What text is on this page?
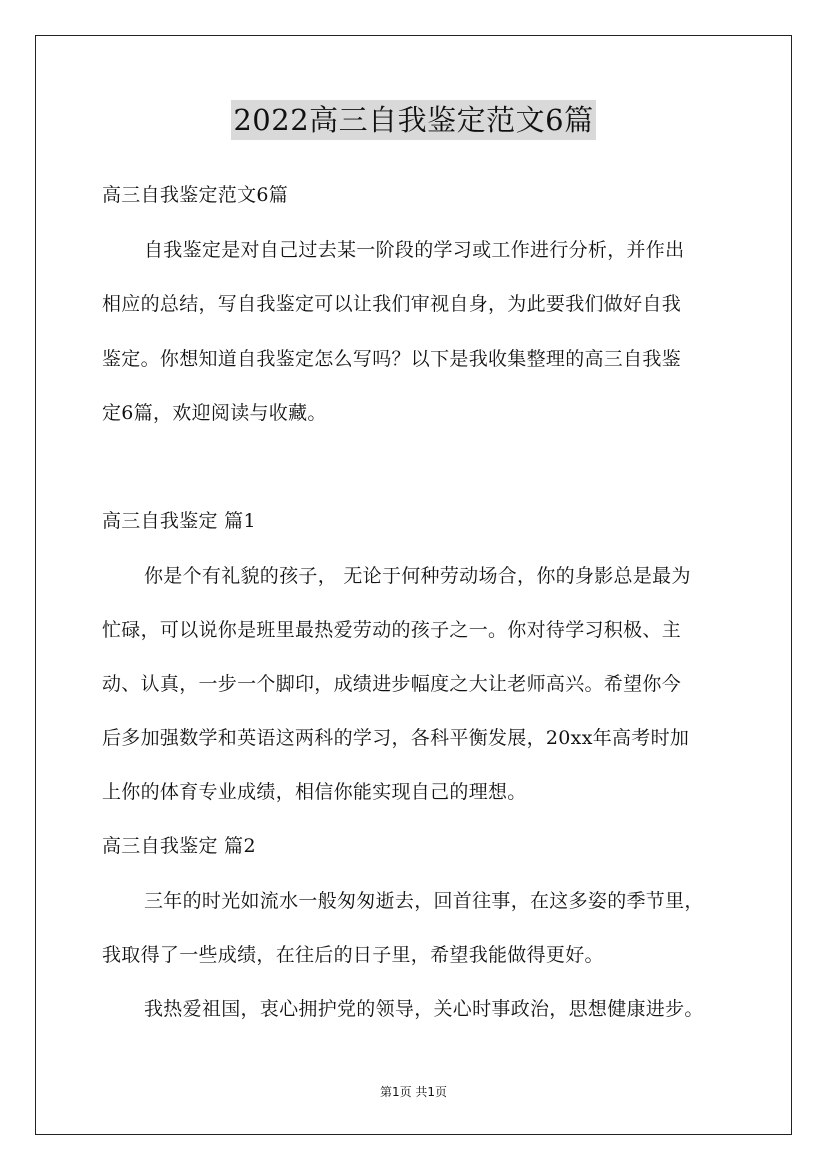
2022高三自我鉴定范文6篇
高三自我鉴定范文6篇
自我鉴定是对自己过去某一阶段的学习或工作进行分析，并作出
相应的总结，写自我鉴定可以让我们审视自身，为此要我们做好自我
鉴定。你想知道自我鉴定怎么写吗？以下是我收集整理的高三自我鉴
定6篇，欢迎阅读与收藏。
高三自我鉴定 篇1
你是个有礼貌的孩子， 无论于何种劳动场合，你的身影总是最为
忙碌，可以说你是班里最热爱劳动的孩子之一。你对待学习积极、主
动、认真，一步一个脚印，成绩进步幅度之大让老师高兴。希望你今
后多加强数学和英语这两科的学习，各科平衡发展，20xx年高考时加
上你的体育专业成绩，相信你能实现自己的理想。
高三自我鉴定 篇2
三年的时光如流水一般匆匆逝去，回首往事，在这多姿的季节里，
我取得了一些成绩，在往后的日子里，希望我能做得更好。
我热爱祖国，衷心拥护党的领导，关心时事政治，思想健康进步。
第1页 共1页
